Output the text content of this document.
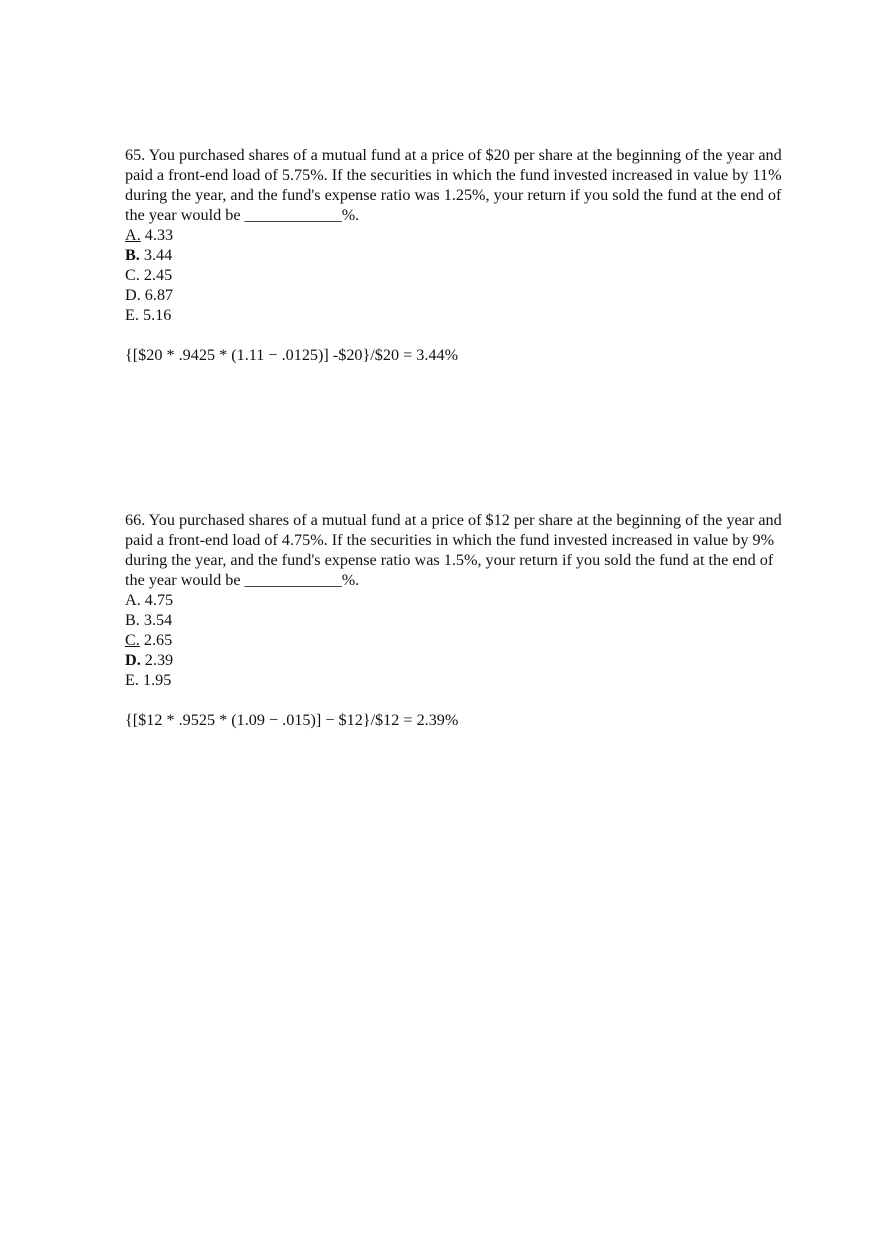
65. You purchased shares of a mutual fund at a price of $20 per share at the beginning of the year and paid a front-end load of 5.75%. If the securities in which the fund invested increased in value by 11% during the year, and the fund's expense ratio was 1.25%, your return if you sold the fund at the end of the year would be ____________%.

A. 4.33
B. 3.44
C. 2.45
D. 6.87
E. 5.16

{[$20 * .9425 * (1.11 − .0125)] -$20}/$20 = 3.44%

66. You purchased shares of a mutual fund at a price of $12 per share at the beginning of the year and paid a front-end load of 4.75%. If the securities in which the fund invested increased in value by 9% during the year, and the fund's expense ratio was 1.5%, your return if you sold the fund at the end of the year would be ____________%.

A. 4.75
B. 3.54
C. 2.65
D. 2.39
E. 1.95

{[$12 * .9525 * (1.09 − .015)] − $12}/$12 = 2.39%
